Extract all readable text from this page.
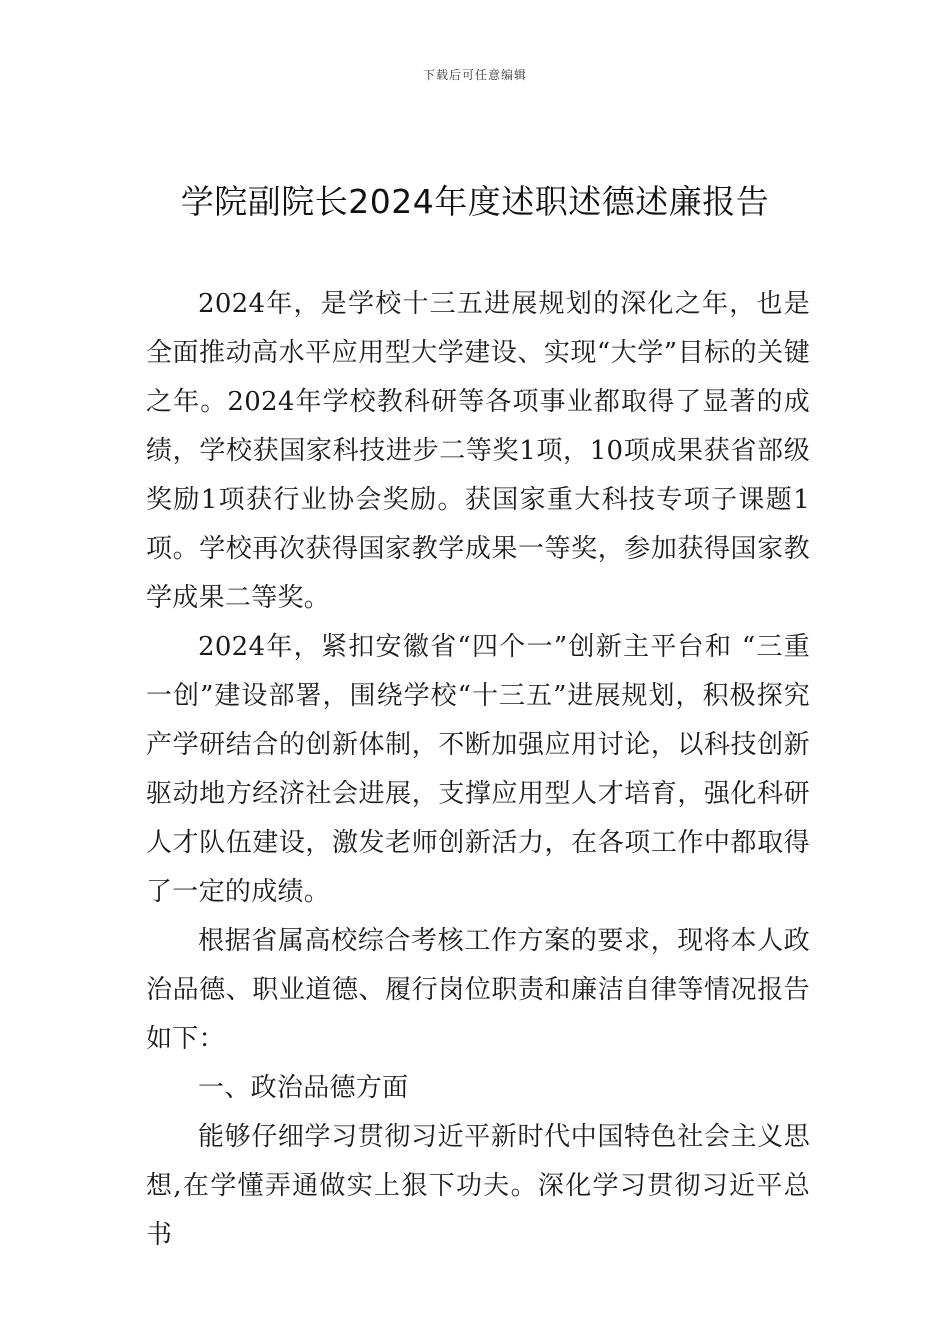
下载后可任意编辑
学院副院长2024年度述职述德述廉报告

2024年，是学校十三五进展规划的深化之年，也是全面推动高水平应用型大学建设、实现“大学”目标的关键之年。2024年学校教科研等各项事业都取得了显著的成绩，学校获国家科技进步二等奖1项，10项成果获省部级奖励1项获行业协会奖励。获国家重大科技专项子课题1项。学校再次获得国家教学成果一等奖，参加获得国家教学成果二等奖。

2024年，紧扣安徽省“四个一”创新主平台和 “三重一创”建设部署，围绕学校“十三五”进展规划，积极探究产学研结合的创新体制，不断加强应用讨论，以科技创新驱动地方经济社会进展，支撑应用型人才培育，强化科研人才队伍建设，激发老师创新活力，在各项工作中都取得了一定的成绩。

根据省属高校综合考核工作方案的要求，现将本人政治品德、职业道德、履行岗位职责和廉洁自律等情况报告如下：

一、政治品德方面

能够仔细学习贯彻习近平新时代中国特色社会主义思想,在学懂弄通做实上狠下功夫。深化学习贯彻习近平总书
